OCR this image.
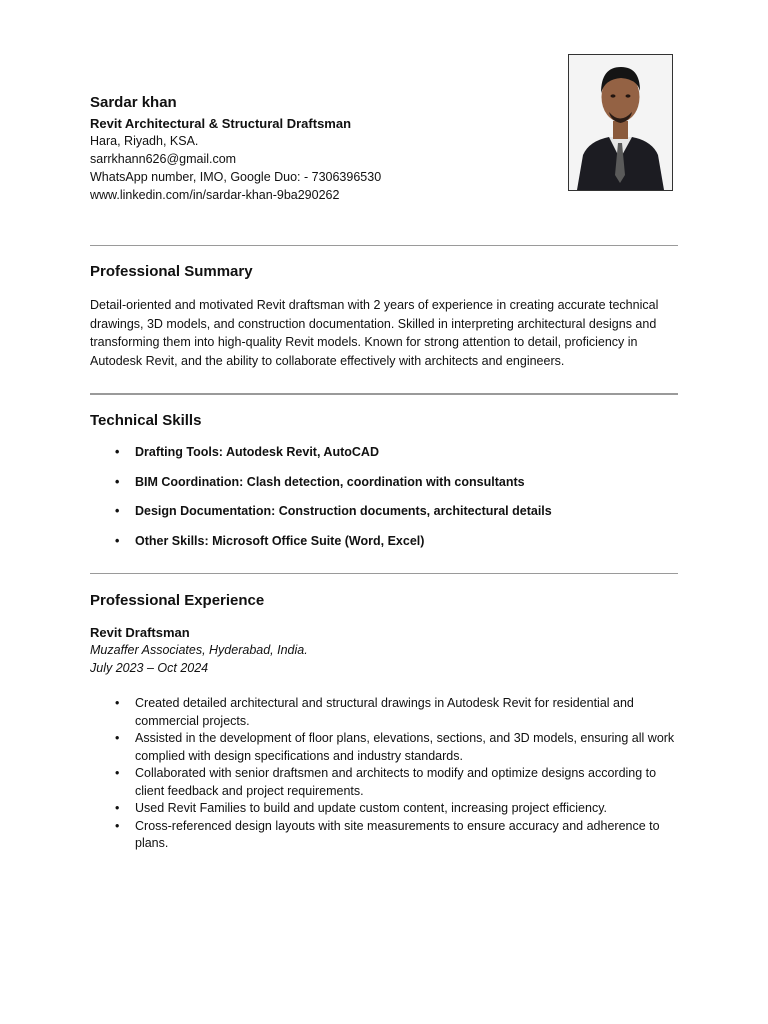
Sardar khan
Revit Architectural & Structural Draftsman
Hara, Riyadh, KSA.
sarrkhann626@gmail.com
WhatsApp number, IMO, Google Duo: - 7306396530
www.linkedin.com/in/sardar-khan-9ba290262
Professional Summary
Detail-oriented and motivated Revit draftsman with 2 years of experience in creating accurate technical drawings, 3D models, and construction documentation. Skilled in interpreting architectural designs and transforming them into high-quality Revit models. Known for strong attention to detail, proficiency in Autodesk Revit, and the ability to collaborate effectively with architects and engineers.
Technical Skills
• Drafting Tools: Autodesk Revit, AutoCAD
• BIM Coordination: Clash detection, coordination with consultants
• Design Documentation: Construction documents, architectural details
• Other Skills: Microsoft Office Suite (Word, Excel)
Professional Experience
Revit Draftsman
Muzaffer Associates, Hyderabad, India.
July 2023 – Oct 2024
• Created detailed architectural and structural drawings in Autodesk Revit for residential and commercial projects.
• Assisted in the development of floor plans, elevations, sections, and 3D models, ensuring all work complied with design specifications and industry standards.
• Collaborated with senior draftsmen and architects to modify and optimize designs according to client feedback and project requirements.
• Used Revit Families to build and update custom content, increasing project efficiency.
• Cross-referenced design layouts with site measurements to ensure accuracy and adherence to plans.
